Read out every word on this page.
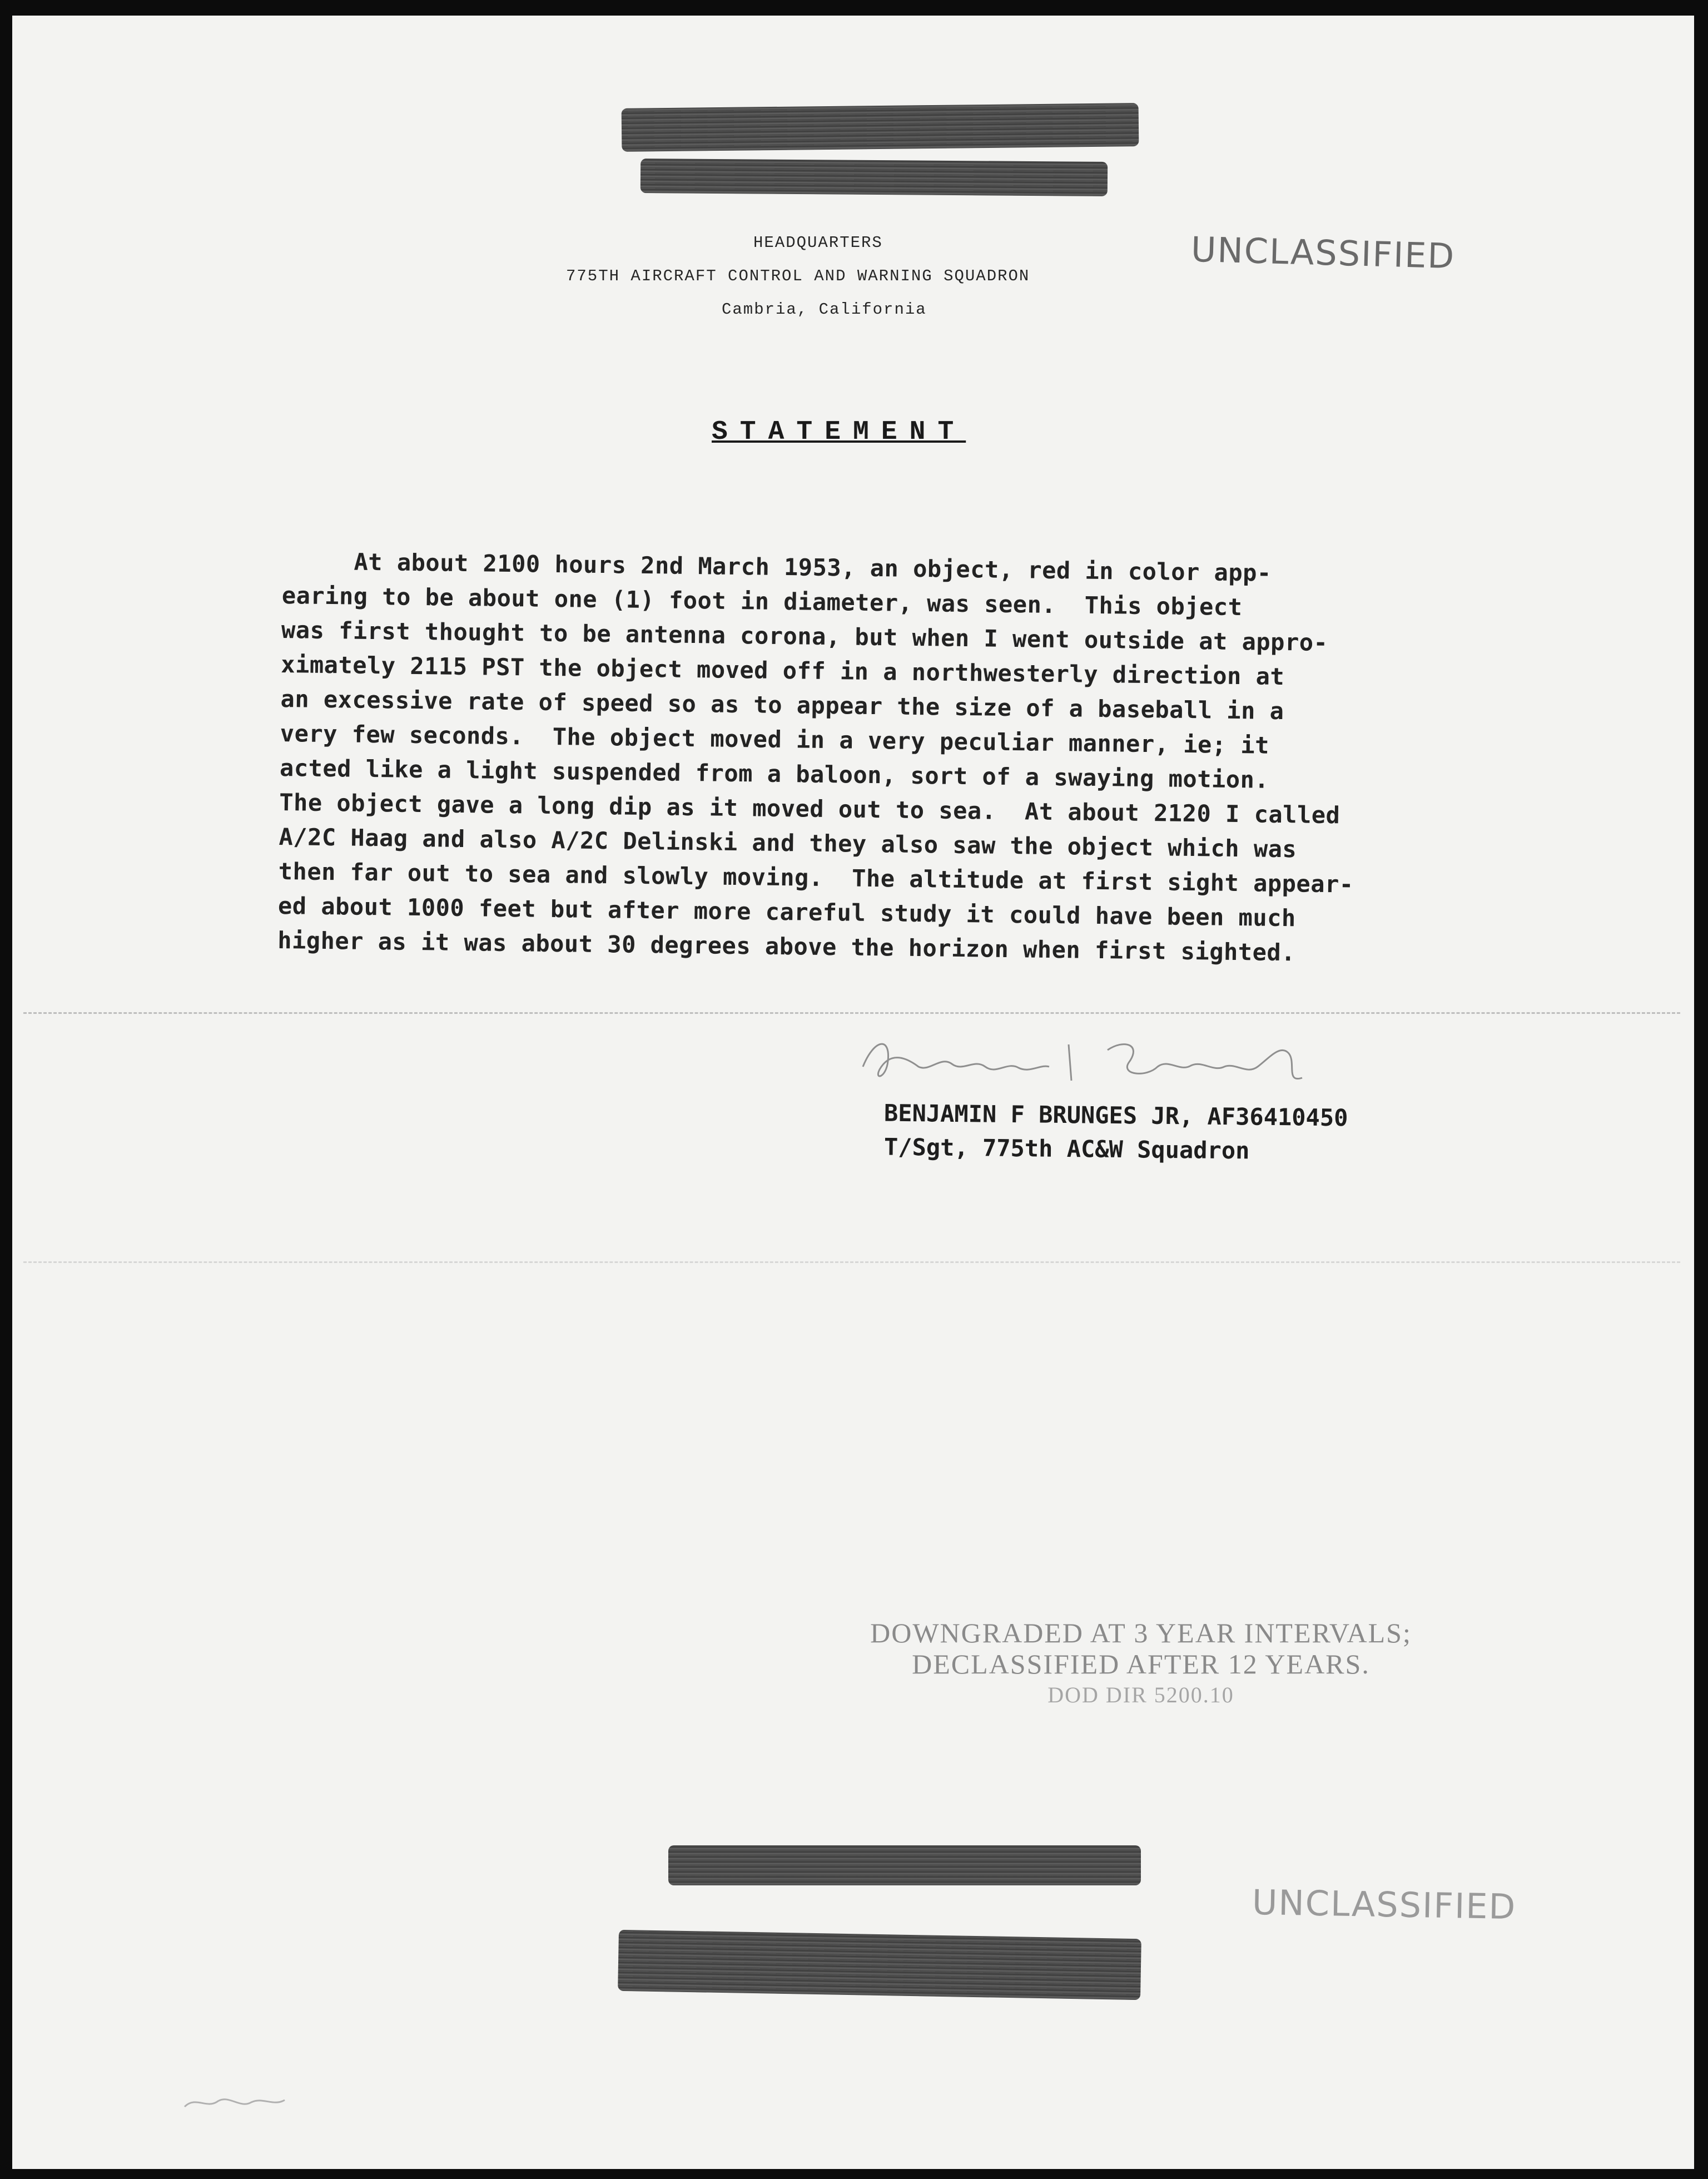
HEADQUARTERS
775TH AIRCRAFT CONTROL AND WARNING SQUADRON
Cambria, California
UNCLASSIFIED
STATEMENT
At about 2100 hours 2nd March 1953, an object, red in color app-
earing to be about one (1) foot in diameter, was seen.  This object
was first thought to be antenna corona, but when I went outside at appro-
ximately 2115 PST the object moved off in a northwesterly direction at
an excessive rate of speed so as to appear the size of a baseball in a
very few seconds.  The object moved in a very peculiar manner, ie; it
acted like a light suspended from a baloon, sort of a swaying motion.
The object gave a long dip as it moved out to sea.  At about 2120 I called
A/2C Haag and also A/2C Delinski and they also saw the object which was
then far out to sea and slowly moving.  The altitude at first sight appear-
ed about 1000 feet but after more careful study it could have been much
higher as it was about 30 degrees above the horizon when first sighted.
BENJAMIN F BRUNGES JR, AF36410450
T/Sgt, 775th AC&W Squadron
DOWNGRADED AT 3 YEAR INTERVALS;
DECLASSIFIED AFTER 12 YEARS.
DOD DIR 5200.10
UNCLASSIFIED
